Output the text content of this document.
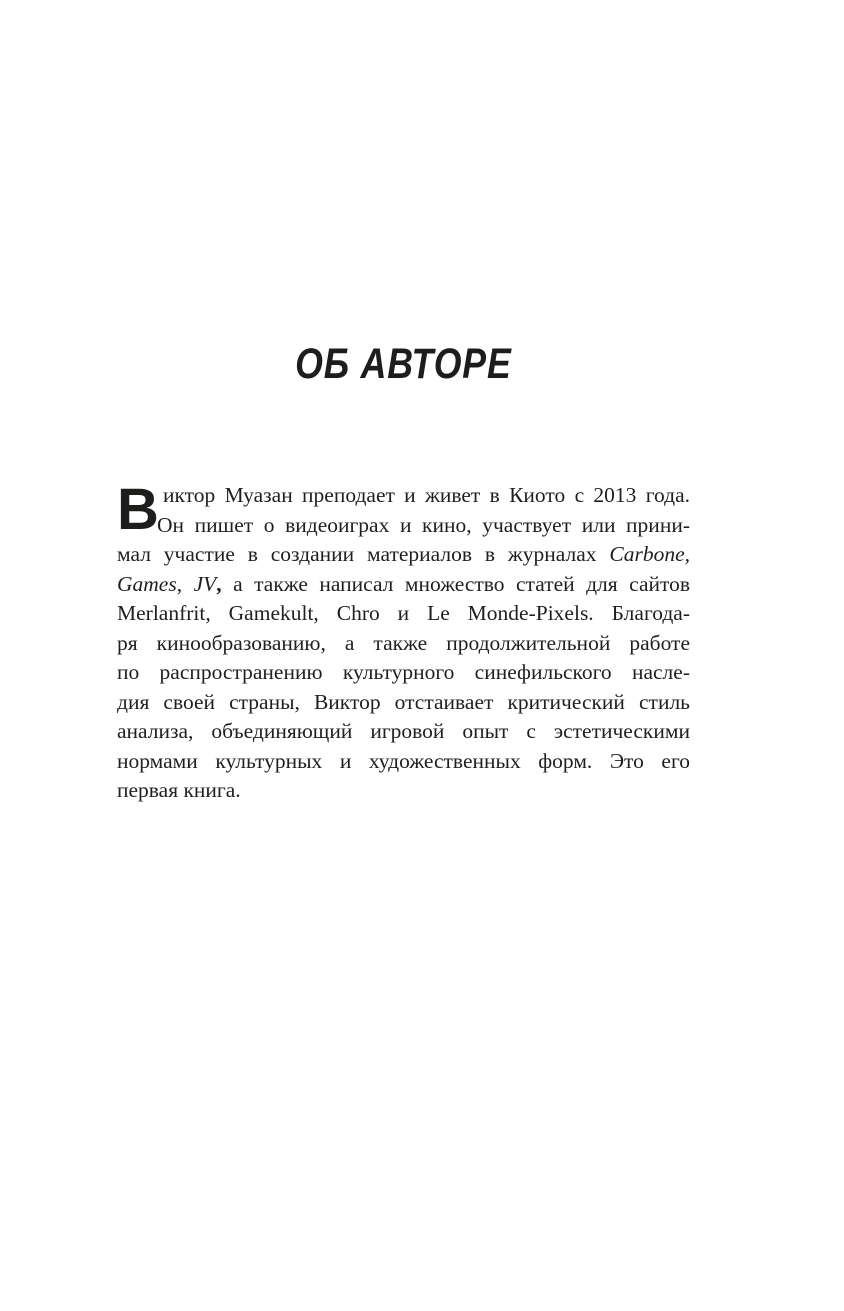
ОБ АВТОРЕ
В иктор Муазан преподает и живет в Киото с 2013 года.
Он пишет о видеоиграх и кино, участвует или прини-
мал участие в создании материалов в журналах Carbone,
Games, JV, а также написал множество статей для сайтов
Merlanfrit, Gamekult, Chro и Le Monde-Pixels. Благода-
ря кинообразованию, а также продолжительной работе
по распространению культурного синефильского насле-
дия своей страны, Виктор отстаивает критический стиль
анализа, объединяющий игровой опыт с эстетическими
нормами культурных и художественных форм. Это его
первая книга.
